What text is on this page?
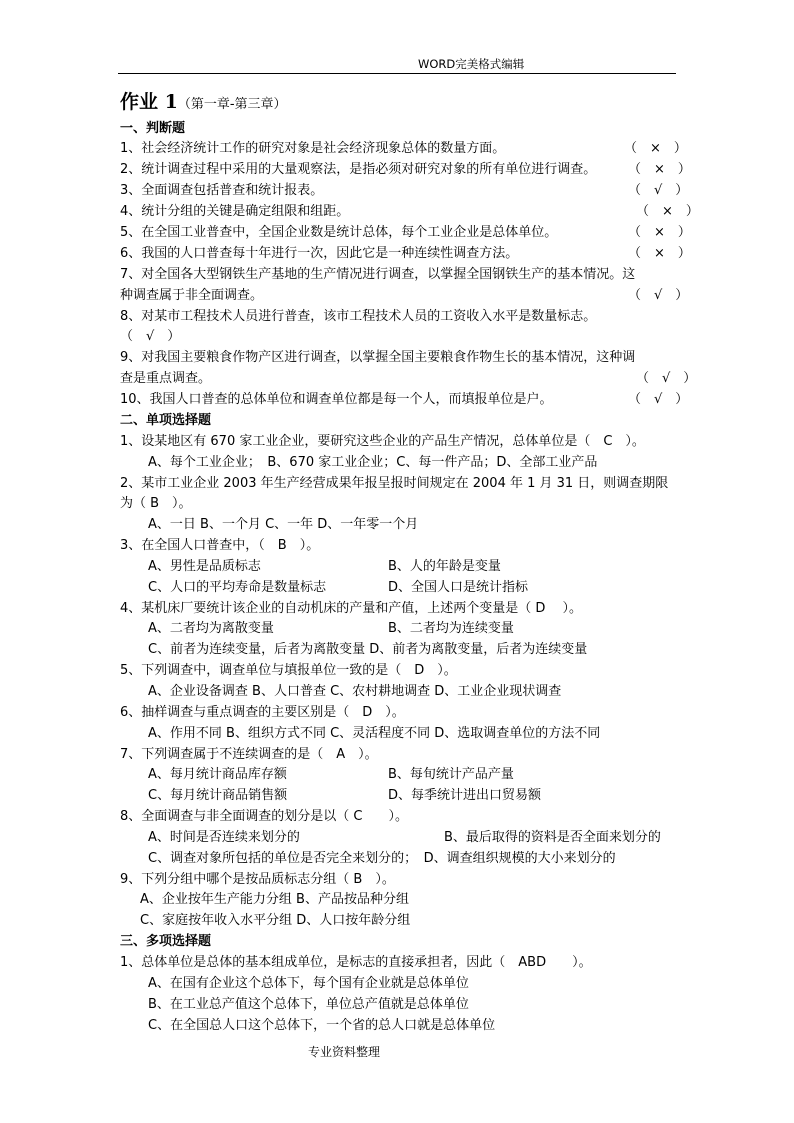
WORD完美格式编辑
作业 1（第一章-第三章）
一、判断题
1、社会经济统计工作的研究对象是社会经济现象总体的数量方面。	（　×　）
2、统计调查过程中采用的大量观察法，是指必须对研究对象的所有单位进行调查。 （　×　）
3、全面调查包括普查和统计报表。	（　√　）
4、统计分组的关键是确定组限和组距。	（　×　）
5、在全国工业普查中，全国企业数是统计总体，每个工业企业是总体单位。	（　×　）
6、我国的人口普查每十年进行一次，因此它是一种连续性调查方法。	（　×　）
7、对全国各大型钢铁生产基地的生产情况进行调查，以掌握全国钢铁生产的基本情况。这
种调查属于非全面调查。	（　√　）
8、对某市工程技术人员进行普查，该市工程技术人员的工资收入水平是数量标志。
（　√　）
9、对我国主要粮食作物产区进行调查，以掌握全国主要粮食作物生长的基本情况，这种调
查是重点调查。	（　√　）
10、我国人口普查的总体单位和调查单位都是每一个人，而填报单位是户。	（　√　）
二、单项选择题
1、设某地区有 670 家工业企业，要研究这些企业的产品生产情况，总体单位是（　C　）。
A、每个工业企业；　B、670 家工业企业；C、每一件产品；D、全部工业产品
2、某市工业企业 2003 年生产经营成果年报呈报时间规定在 2004 年 1 月 31 日，则调查期限
为（ B　）。
A、一日 B、一个月 C、一年 D、一年零一个月
3、在全国人口普查中，（　B　）。
A、男性是品质标志	B、人的年龄是变量
C、人口的平均寿命是数量标志	D、全国人口是统计指标
4、某机床厂要统计该企业的自动机床的产量和产值，上述两个变量是（ D　 ）。
A、二者均为离散变量	B、二者均为连续变量
C、前者为连续变量，后者为离散变量 D、前者为离散变量，后者为连续变量
5、下列调查中，调查单位与填报单位一致的是（　D　）。
A、企业设备调查 B、人口普查 C、农村耕地调查 D、工业企业现状调查
6、抽样调查与重点调查的主要区别是（　D　）。
A、作用不同 B、组织方式不同 C、灵活程度不同 D、选取调查单位的方法不同
7、下列调查属于不连续调查的是（　A　）。
A、每月统计商品库存额	B、每旬统计产品产量
C、每月统计商品销售额	D、每季统计进出口贸易额
8、全面调查与非全面调查的划分是以（ C　　）。
A、时间是否连续来划分的	B、最后取得的资料是否全面来划分的
C、调查对象所包括的单位是否完全来划分的；　D、调查组织规模的大小来划分的
9、下列分组中哪个是按品质标志分组（ B　）。
A、企业按年生产能力分组 B、产品按品种分组
C、家庭按年收入水平分组 D、人口按年龄分组
三、多项选择题
1、总体单位是总体的基本组成单位，是标志的直接承担者，因此（　ABD　　）。
A、在国有企业这个总体下，每个国有企业就是总体单位
B、在工业总产值这个总体下，单位总产值就是总体单位
C、在全国总人口这个总体下，一个省的总人口就是总体单位
专业资料整理
